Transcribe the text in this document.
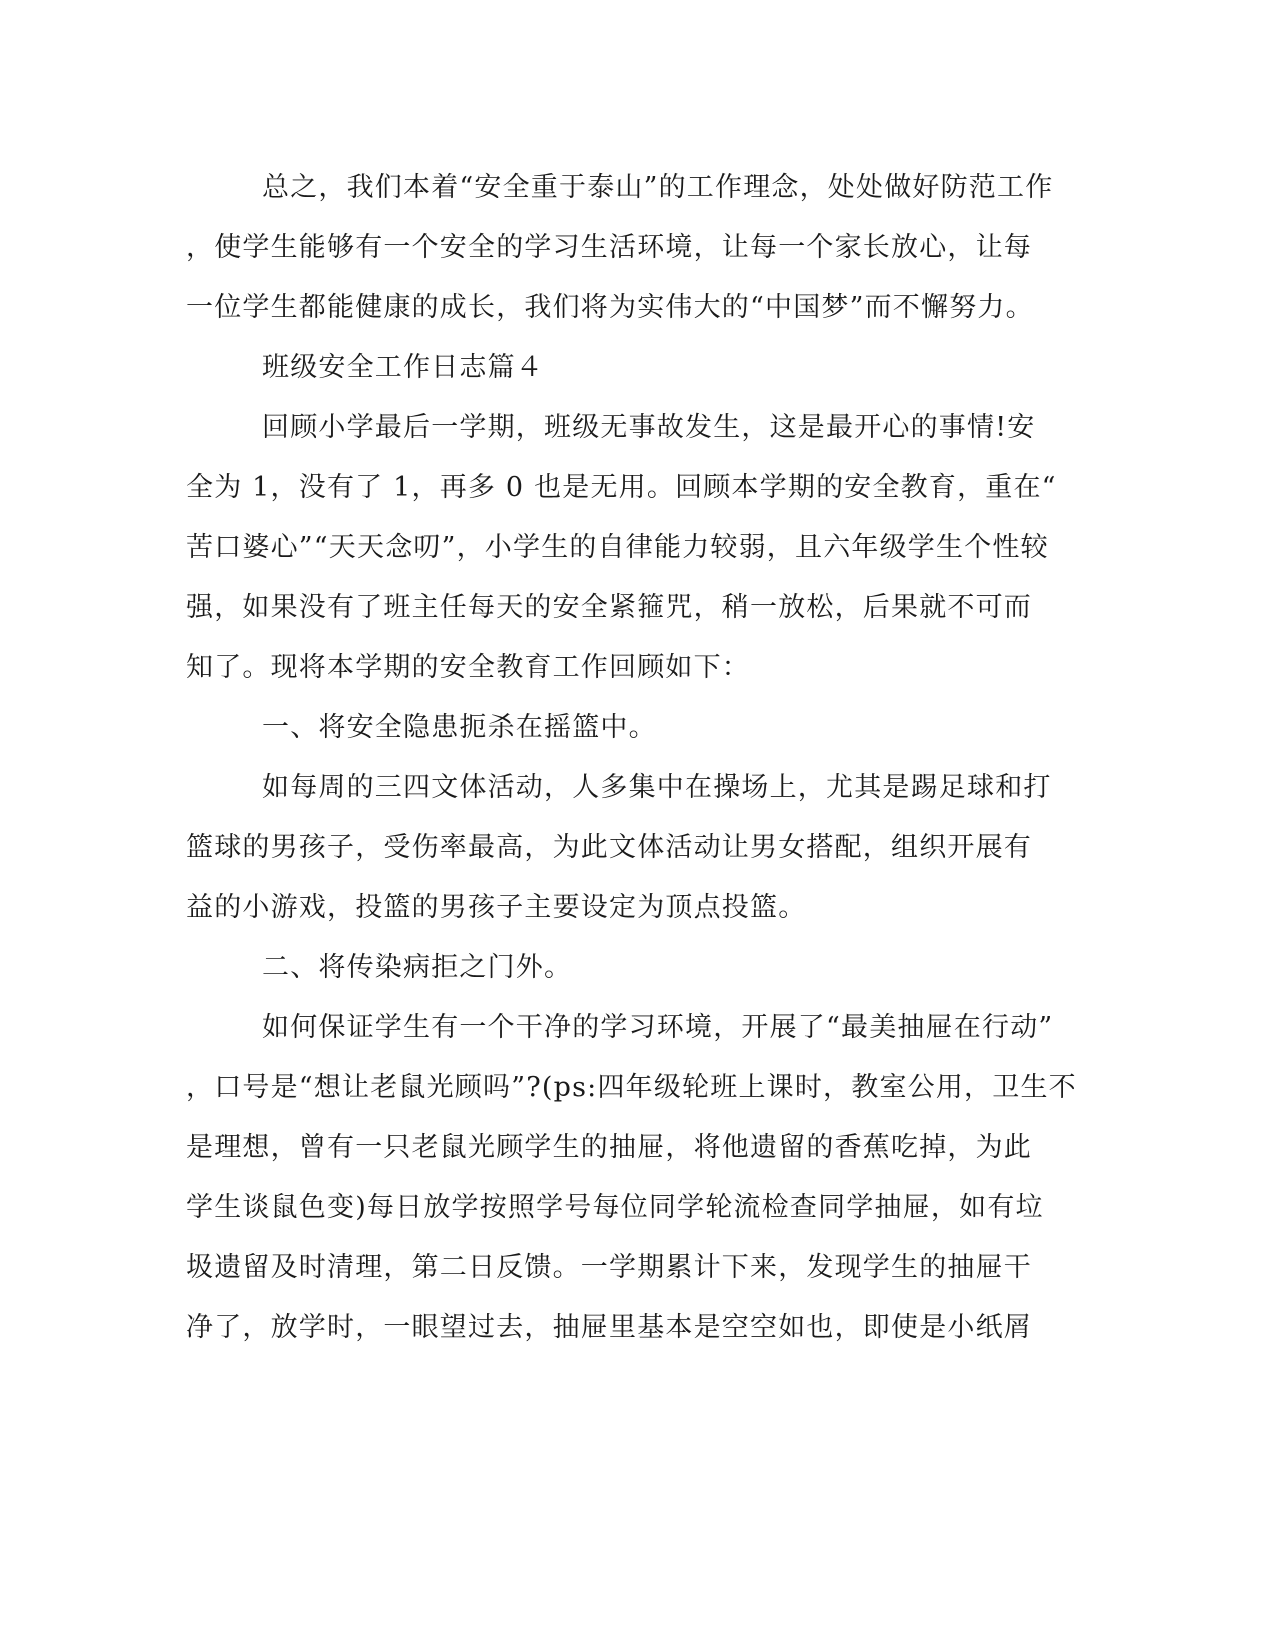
总之，我们本着“安全重于泰山”的工作理念，处处做好防范工作
，使学生能够有一个安全的学习生活环境，让每一个家长放心，让每
一位学生都能健康的成长，我们将为实伟大的“中国梦”而不懈努力。
班级安全工作日志篇４
回顾小学最后一学期，班级无事故发生，这是最开心的事情!安
全为 1，没有了 1，再多 0 也是无用。回顾本学期的安全教育，重在“
苦口婆心”“天天念叨”，小学生的自律能力较弱，且六年级学生个性较
强，如果没有了班主任每天的安全紧箍咒，稍一放松，后果就不可而
知了。现将本学期的安全教育工作回顾如下：
一、将安全隐患扼杀在摇篮中。
如每周的三四文体活动，人多集中在操场上，尤其是踢足球和打
篮球的男孩子，受伤率最高，为此文体活动让男女搭配，组织开展有
益的小游戏，投篮的男孩子主要设定为顶点投篮。
二、将传染病拒之门外。
如何保证学生有一个干净的学习环境，开展了“最美抽屉在行动”
，口号是“想让老鼠光顾吗”?(ps:四年级轮班上课时，教室公用，卫生不
是理想，曾有一只老鼠光顾学生的抽屉，将他遗留的香蕉吃掉，为此
学生谈鼠色变)每日放学按照学号每位同学轮流检查同学抽屉，如有垃
圾遗留及时清理，第二日反馈。一学期累计下来，发现学生的抽屉干
净了，放学时，一眼望过去，抽屉里基本是空空如也，即使是小纸屑
